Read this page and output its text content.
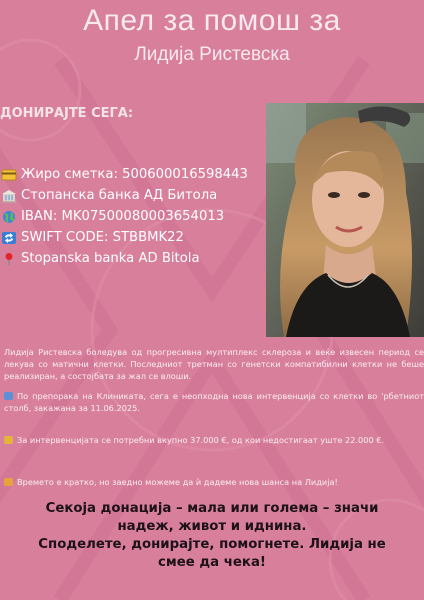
Апел за помош за
Лидија Ристевска
ДОНИРАЈТЕ СЕГА:
Жиро сметка: 500600016598443
Стопанска банка АД Битола
IBAN: MK07500080003654013
SWIFT CODE: STBBMK22
Stopanska banka AD Bitola
Лидија Ристевска боледува од прогресивна мултиплекс склероза и веќе извесен период се лекува со матични клетки. Последниот третман со генетски компатибилни клетки не беше реализиран, а состојбата за жал се влоши.
По препорака на Клиниката, сега е неопходна нова интервенција со клетки во 'рбетниот столб, закажана за 11.06.2025.
За интервенцијата се потребни вкупно 37.000 €, од кои недостигаат уште 22.000 €.
Времето е кратко, но заедно можеме да ѝ дадеме нова шанса на Лидија!
Секоја донација – мала или голема – значи надеж, живот и иднина.
Споделете, донирајте, помогнете. Лидија не смее да чека!
